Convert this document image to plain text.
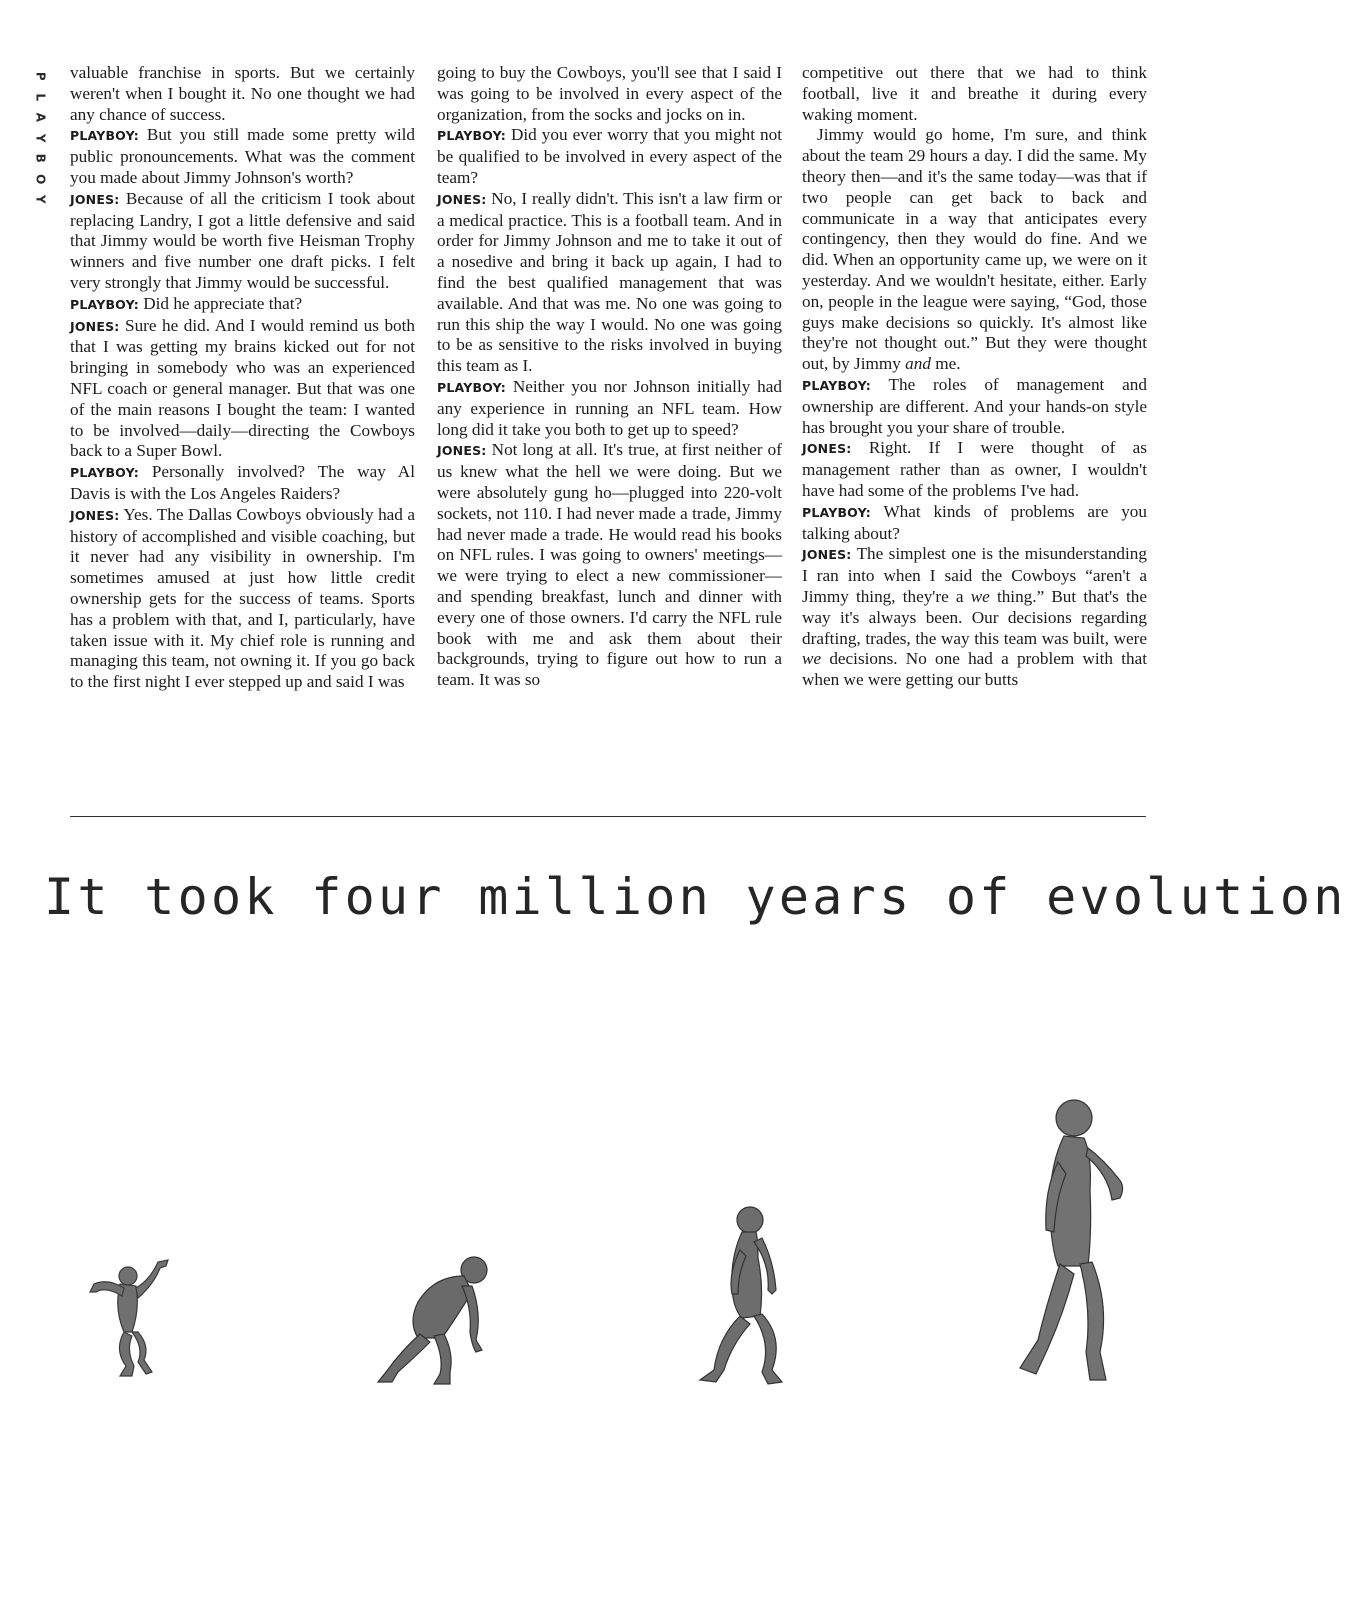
P
L
A
Y
B
O
Y

valuable franchise in sports. But we certainly weren't when I bought it. No one thought we had any chance of success.

PLAYBOY: But you still made some pretty wild public pronouncements. What was the comment you made about Jimmy Johnson's worth?

JONES: Because of all the criticism I took about replacing Landry, I got a little defensive and said that Jimmy would be worth five Heisman Trophy winners and five number one draft picks. I felt very strongly that Jimmy would be successful.

PLAYBOY: Did he appreciate that?

JONES: Sure he did. And I would remind us both that I was getting my brains kicked out for not bringing in somebody who was an experienced NFL coach or general manager. But that was one of the main reasons I bought the team: I wanted to be involved—daily—directing the Cowboys back to a Super Bowl.

PLAYBOY: Personally involved? The way Al Davis is with the Los Angeles Raiders?

JONES: Yes. The Dallas Cowboys obviously had a history of accomplished and visible coaching, but it never had any visibility in ownership. I'm sometimes amused at just how little credit ownership gets for the success of teams. Sports has a problem with that, and I, particularly, have taken issue with it. My chief role is running and managing this team, not owning it. If you go back to the first night I ever stepped up and said I was

going to buy the Cowboys, you'll see that I said I was going to be involved in every aspect of the organization, from the socks and jocks on in.

PLAYBOY: Did you ever worry that you might not be qualified to be involved in every aspect of the team?

JONES: No, I really didn't. This isn't a law firm or a medical practice. This is a football team. And in order for Jimmy Johnson and me to take it out of a nosedive and bring it back up again, I had to find the best qualified management that was available. And that was me. No one was going to run this ship the way I would. No one was going to be as sensitive to the risks involved in buying this team as I.

PLAYBOY: Neither you nor Johnson initially had any experience in running an NFL team. How long did it take you both to get up to speed?

JONES: Not long at all. It's true, at first neither of us knew what the hell we were doing. But we were absolutely gung ho—plugged into 220-volt sockets, not 110. I had never made a trade, Jimmy had never made a trade. He would read his books on NFL rules. I was going to owners' meetings—we were trying to elect a new commissioner—and spending breakfast, lunch and dinner with every one of those owners. I'd carry the NFL rule book with me and ask them about their backgrounds, trying to figure out how to run a team. It was so

competitive out there that we had to think football, live it and breathe it during every waking moment.

Jimmy would go home, I'm sure, and think about the team 29 hours a day. I did the same. My theory then—and it's the same today—was that if two people can get back to back and communicate in a way that anticipates every contingency, then they would do fine. And we did. When an opportunity came up, we were on it yesterday. And we wouldn't hesitate, either. Early on, people in the league were saying, “God, those guys make decisions so quickly. It's almost like they're not thought out.” But they were thought out, by Jimmy and me.

PLAYBOY: The roles of management and ownership are different. And your hands-on style has brought you your share of trouble.

JONES: Right. If I were thought of as management rather than as owner, I wouldn't have had some of the problems I've had.

PLAYBOY: What kinds of problems are you talking about?

JONES: The simplest one is the misunderstanding I ran into when I said the Cowboys “aren't a Jimmy thing, they're a we thing.” But that's the way it's always been. Our decisions regarding drafting, trades, the way this team was built, were we decisions. No one had a problem with that when we were getting our butts

It took four million years of evolution
